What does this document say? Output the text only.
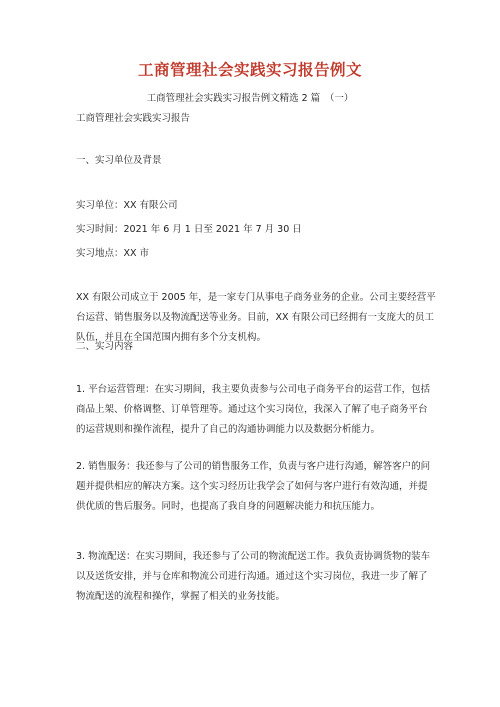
工商管理社会实践实习报告例文
工商管理社会实践实习报告例文精选 2 篇　（一）
工商管理社会实践实习报告
一、实习单位及背景
实习单位：XX 有限公司
实习时间：2021 年 6 月 1 日至 2021 年 7 月 30 日
实习地点：XX 市
XX 有限公司成立于 2005 年，是一家专门从事电子商务业务的企业。公司主要经营平
台运营、销售服务以及物流配送等业务。目前，XX 有限公司已经拥有一支庞大的员工
队伍，并且在全国范围内拥有多个分支机构。
二、实习内容
1. 平台运营管理：在实习期间，我主要负责参与公司电子商务平台的运营工作，包括
商品上架、价格调整、订单管理等。通过这个实习岗位，我深入了解了电子商务平台
的运营规则和操作流程，提升了自己的沟通协调能力以及数据分析能力。
2. 销售服务：我还参与了公司的销售服务工作，负责与客户进行沟通，解答客户的问
题并提供相应的解决方案。这个实习经历让我学会了如何与客户进行有效沟通，并提
供优质的售后服务。同时，也提高了我自身的问题解决能力和抗压能力。
3. 物流配送：在实习期间，我还参与了公司的物流配送工作。我负责协调货物的装车
以及送货安排，并与仓库和物流公司进行沟通。通过这个实习岗位，我进一步了解了
物流配送的流程和操作，掌握了相关的业务技能。
